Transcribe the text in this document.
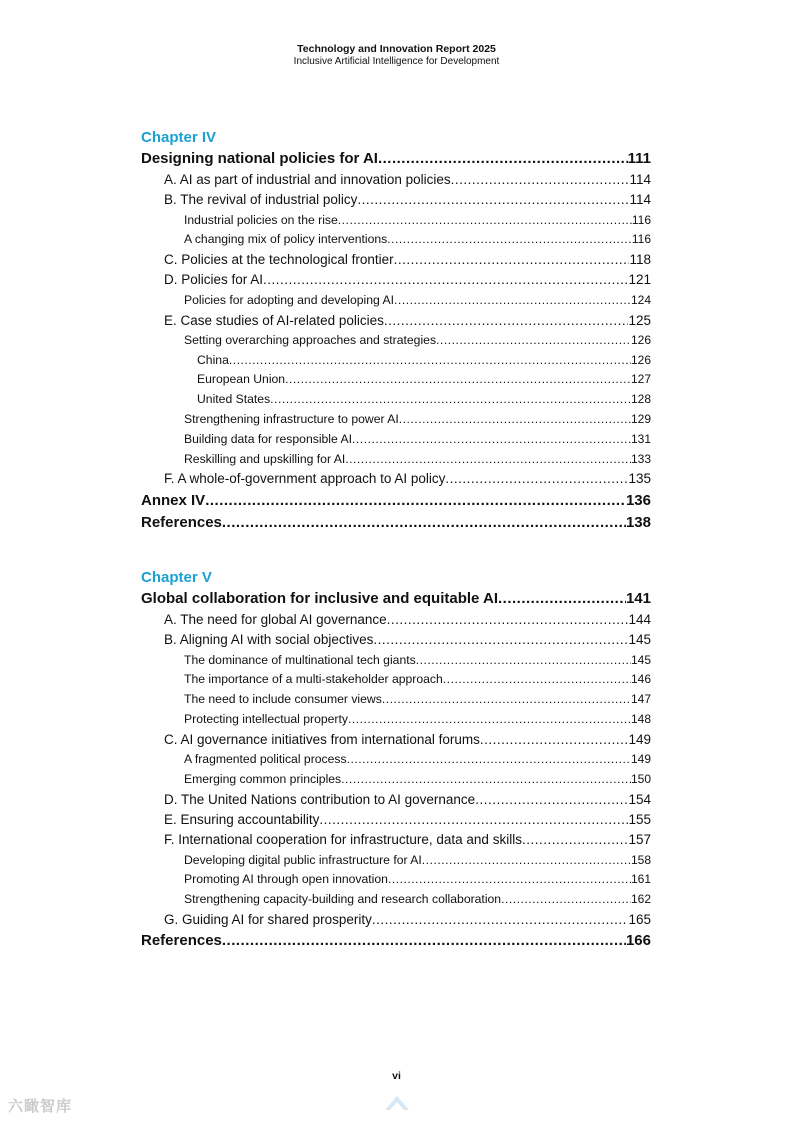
Technology and Innovation Report 2025
Inclusive Artificial Intelligence for Development
Chapter IV
Designing national policies for AI .....	111
A. AI as part of industrial and innovation policies .....	114
B. The revival of industrial policy .....	114
Industrial policies on the rise .....	116
A changing mix of policy interventions .....	116
C. Policies at the technological frontier .....	118
D. Policies for AI .....	121
Policies for adopting and developing AI .....	124
E. Case studies of AI-related policies .....	125
Setting overarching approaches and strategies .....	126
China .....	126
European Union .....	127
United States .....	128
Strengthening infrastructure to power AI .....	129
Building data for responsible AI .....	131
Reskilling and upskilling for AI .....	133
F. A whole-of-government approach to AI policy .....	135
Annex IV .....	136
References .....	138
Chapter V
Global collaboration for inclusive and equitable AI .....	141
A. The need for global AI governance .....	144
B. Aligning AI with social objectives .....	145
The dominance of multinational tech giants .....	145
The importance of a multi-stakeholder approach .....	146
The need to include consumer views .....	147
Protecting intellectual property .....	148
C. AI governance initiatives from international forums .....	149
A fragmented political process .....	149
Emerging common principles .....	150
D. The United Nations contribution to AI governance .....	154
E. Ensuring accountability .....	155
F. International cooperation for infrastructure, data and skills .....	157
Developing digital public infrastructure for AI .....	158
Promoting AI through open innovation .....	161
Strengthening capacity-building and research collaboration .....	162
G. Guiding AI for shared prosperity .....	165
References .....	166
vi
六瞰智库
